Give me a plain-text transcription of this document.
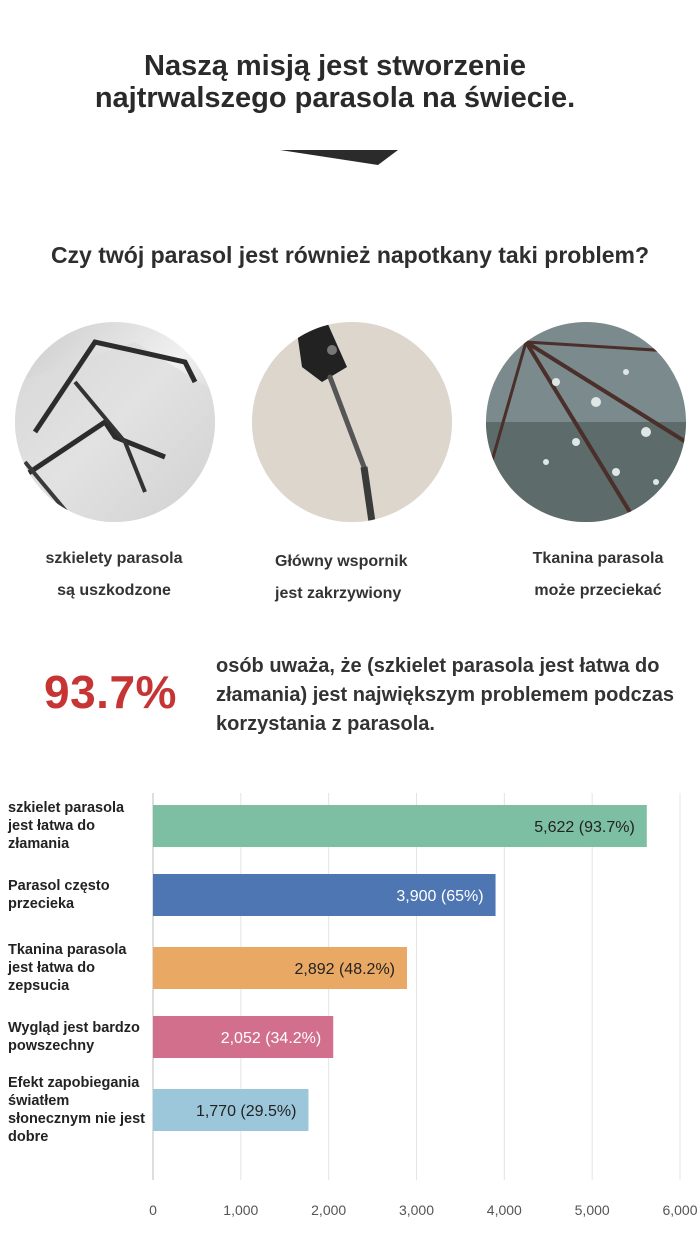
Naszą misją jest stworzenie
najtrwalszego parasola na świecie.
Czy twój parasol jest również napotkany taki problem?
szkielety parasola
są uszkodzone
Główny wspornik
jest zakrzywiony
Tkanina parasola
może przeciekać
93.7% osób uważa, że (szkielet parasola jest łatwa do złamania) jest największym problemem podczas korzystania z parasola.
0	1,000	2,000	3,000	4,000	5,000	6,000
5,622 (93.7%)
3,900 (65%)
2,892 (48.2%)
2,052 (34.2%)
1,770 (29.5%)
szkielet parasola jest łatwa do złamania
Parasol często przecieka
Tkanina parasola jest łatwa do zepsucia
Wygląd jest bardzo powszechny
Efekt zapobiegania światłem słonecznym nie jest dobre
